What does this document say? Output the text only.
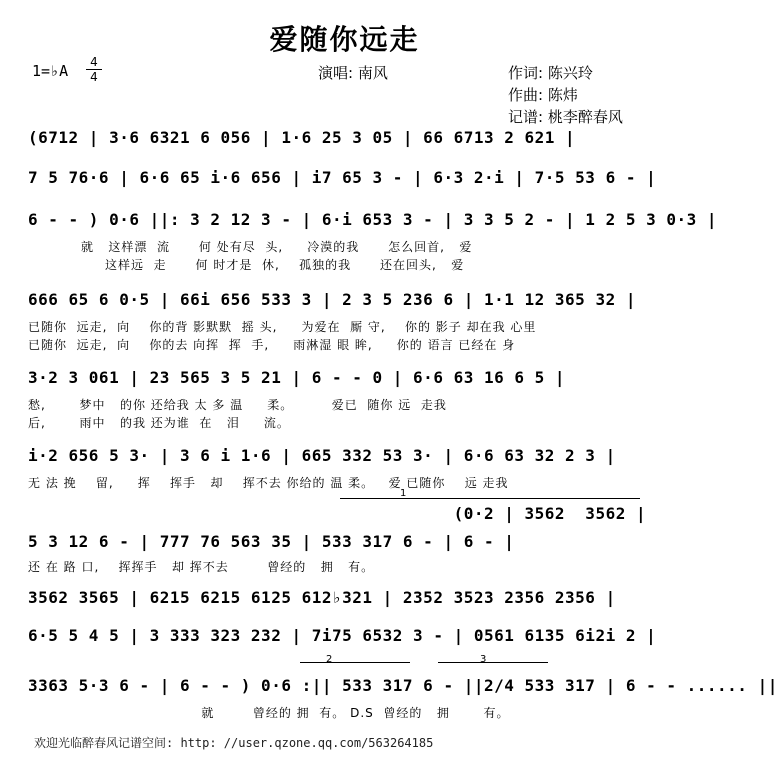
爱随你远走
1=♭A	4
4	演唱: 南风	作词: 陈兴玲
作曲: 陈炜
记谱: 桃李醉春风
(6712 | 3·6 6321 6 056 | 1·6 25 3 05 | 66 6713 2 621 |
7 5 76·6 | 6·6 65 i·6 656 | i7 65 3 - | 6·3 2·i | 7·5 53 6 - |
6 - - ) 0·6 ||: 3 2 12 3 - | 6·i 653 3 - | 3 3 5 2 - | 1 2 5 3 0·3 |
就   这样漂  流      何 处有尽  头,     冷漠的我      怎么回首,   爱
这样远  走      何 时才是  休,    孤独的我      还在回头,   爱
666 65 6 0·5 | 66i 656 533 3 | 2 3 5 236 6 | 1·1 12 365 32 |
已随你  远走,  向    你的背 影默默  摇 头,     为爱在  厮 守,    你的 影子 却在我 心里
已随你  远走,  向    你的去 向挥  挥  手,     雨淋湿 眼 眸,     你的 语言 已经在 身
3·2 3 061 | 23 565 3 5 21 | 6 - - 0 | 6·6 63 16 6 5 |
愁,       梦中   的你 还给我 太 多 温     柔。        爱已  随你 远  走我
后,       雨中   的我 还为谁  在   泪     流。
i·2 656 5 3· | 3 6 i 1·6 | 665 332 53 3· | 6·6 63 32 2 3 |
无 法 挽    留,     挥    挥手   却    挥不去 你给的 温 柔。   爱 已随你    远 走我
1
(0·2 | 3562  3562 |
5 3 12 6 - | 777 76 563 35 | 533 317 6 - | 6 - |
还 在 路 口,    挥挥手   却 挥不去        曾经的   拥   有。
3562 3565 | 6215 6215 6125 612♭321 | 2352 3523 2356 2356 |
6·5 5 4 5 | 3 333 323 232 | 7i75 6532 3 - | 0561 6135 6i2i 2 |
2	3
3363 5·3 6 - | 6 - - ) 0·6 :|| 533 317 6 - ||2/4 533 317 | 6 - - ...... ||
就        曾经的 拥  有。 D.S  曾经的   拥       有。
欢迎光临醉春风记谱空间: http: //user.qzone.qq.com/563264185
